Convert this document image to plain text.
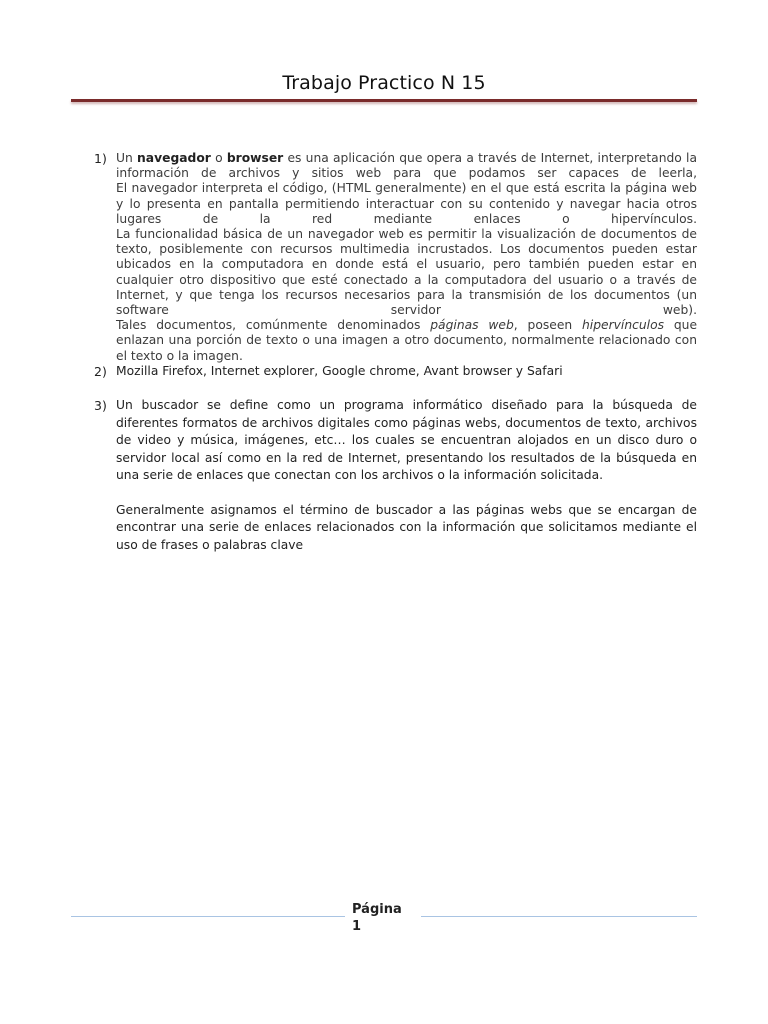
Trabajo Practico N 15
1) Un navegador o browser es una aplicación que opera a través de Internet, interpretando la información de archivos y sitios web para que podamos ser capaces de leerla,

El navegador interpreta el código, (HTML generalmente) en el que está escrita la página web y lo presenta en pantalla permitiendo interactuar con su contenido y navegar hacia otros lugares de la red mediante enlaces o hipervínculos.

La funcionalidad básica de un navegador web es permitir la visualización de documentos de texto, posiblemente con recursos multimedia incrustados. Los documentos pueden estar ubicados en la computadora en donde está el usuario, pero también pueden estar en cualquier otro dispositivo que esté conectado a la computadora del usuario o a través de Internet, y que tenga los recursos necesarios para la transmisión de los documentos (un software servidor web).

Tales documentos, comúnmente denominados páginas web, poseen hipervínculos que enlazan una porción de texto o una imagen a otro documento, normalmente relacionado con el texto o la imagen.

2) Mozilla Firefox, Internet explorer, Google chrome, Avant browser y Safari
3) Un buscador se define como un programa informático diseñado para la búsqueda de diferentes formatos de archivos digitales como páginas webs, documentos de texto, archivos de video y música, imágenes, etc… los cuales se encuentran alojados en un disco duro o servidor local así como en la red de Internet, presentando los resultados de la búsqueda en una serie de enlaces que conectan con los archivos o la información solicitada.

Generalmente asignamos el término de buscador a las páginas webs que se encargan de encontrar una serie de enlaces relacionados con la información que solicitamos mediante el uso de frases o palabras clave

Página
1
